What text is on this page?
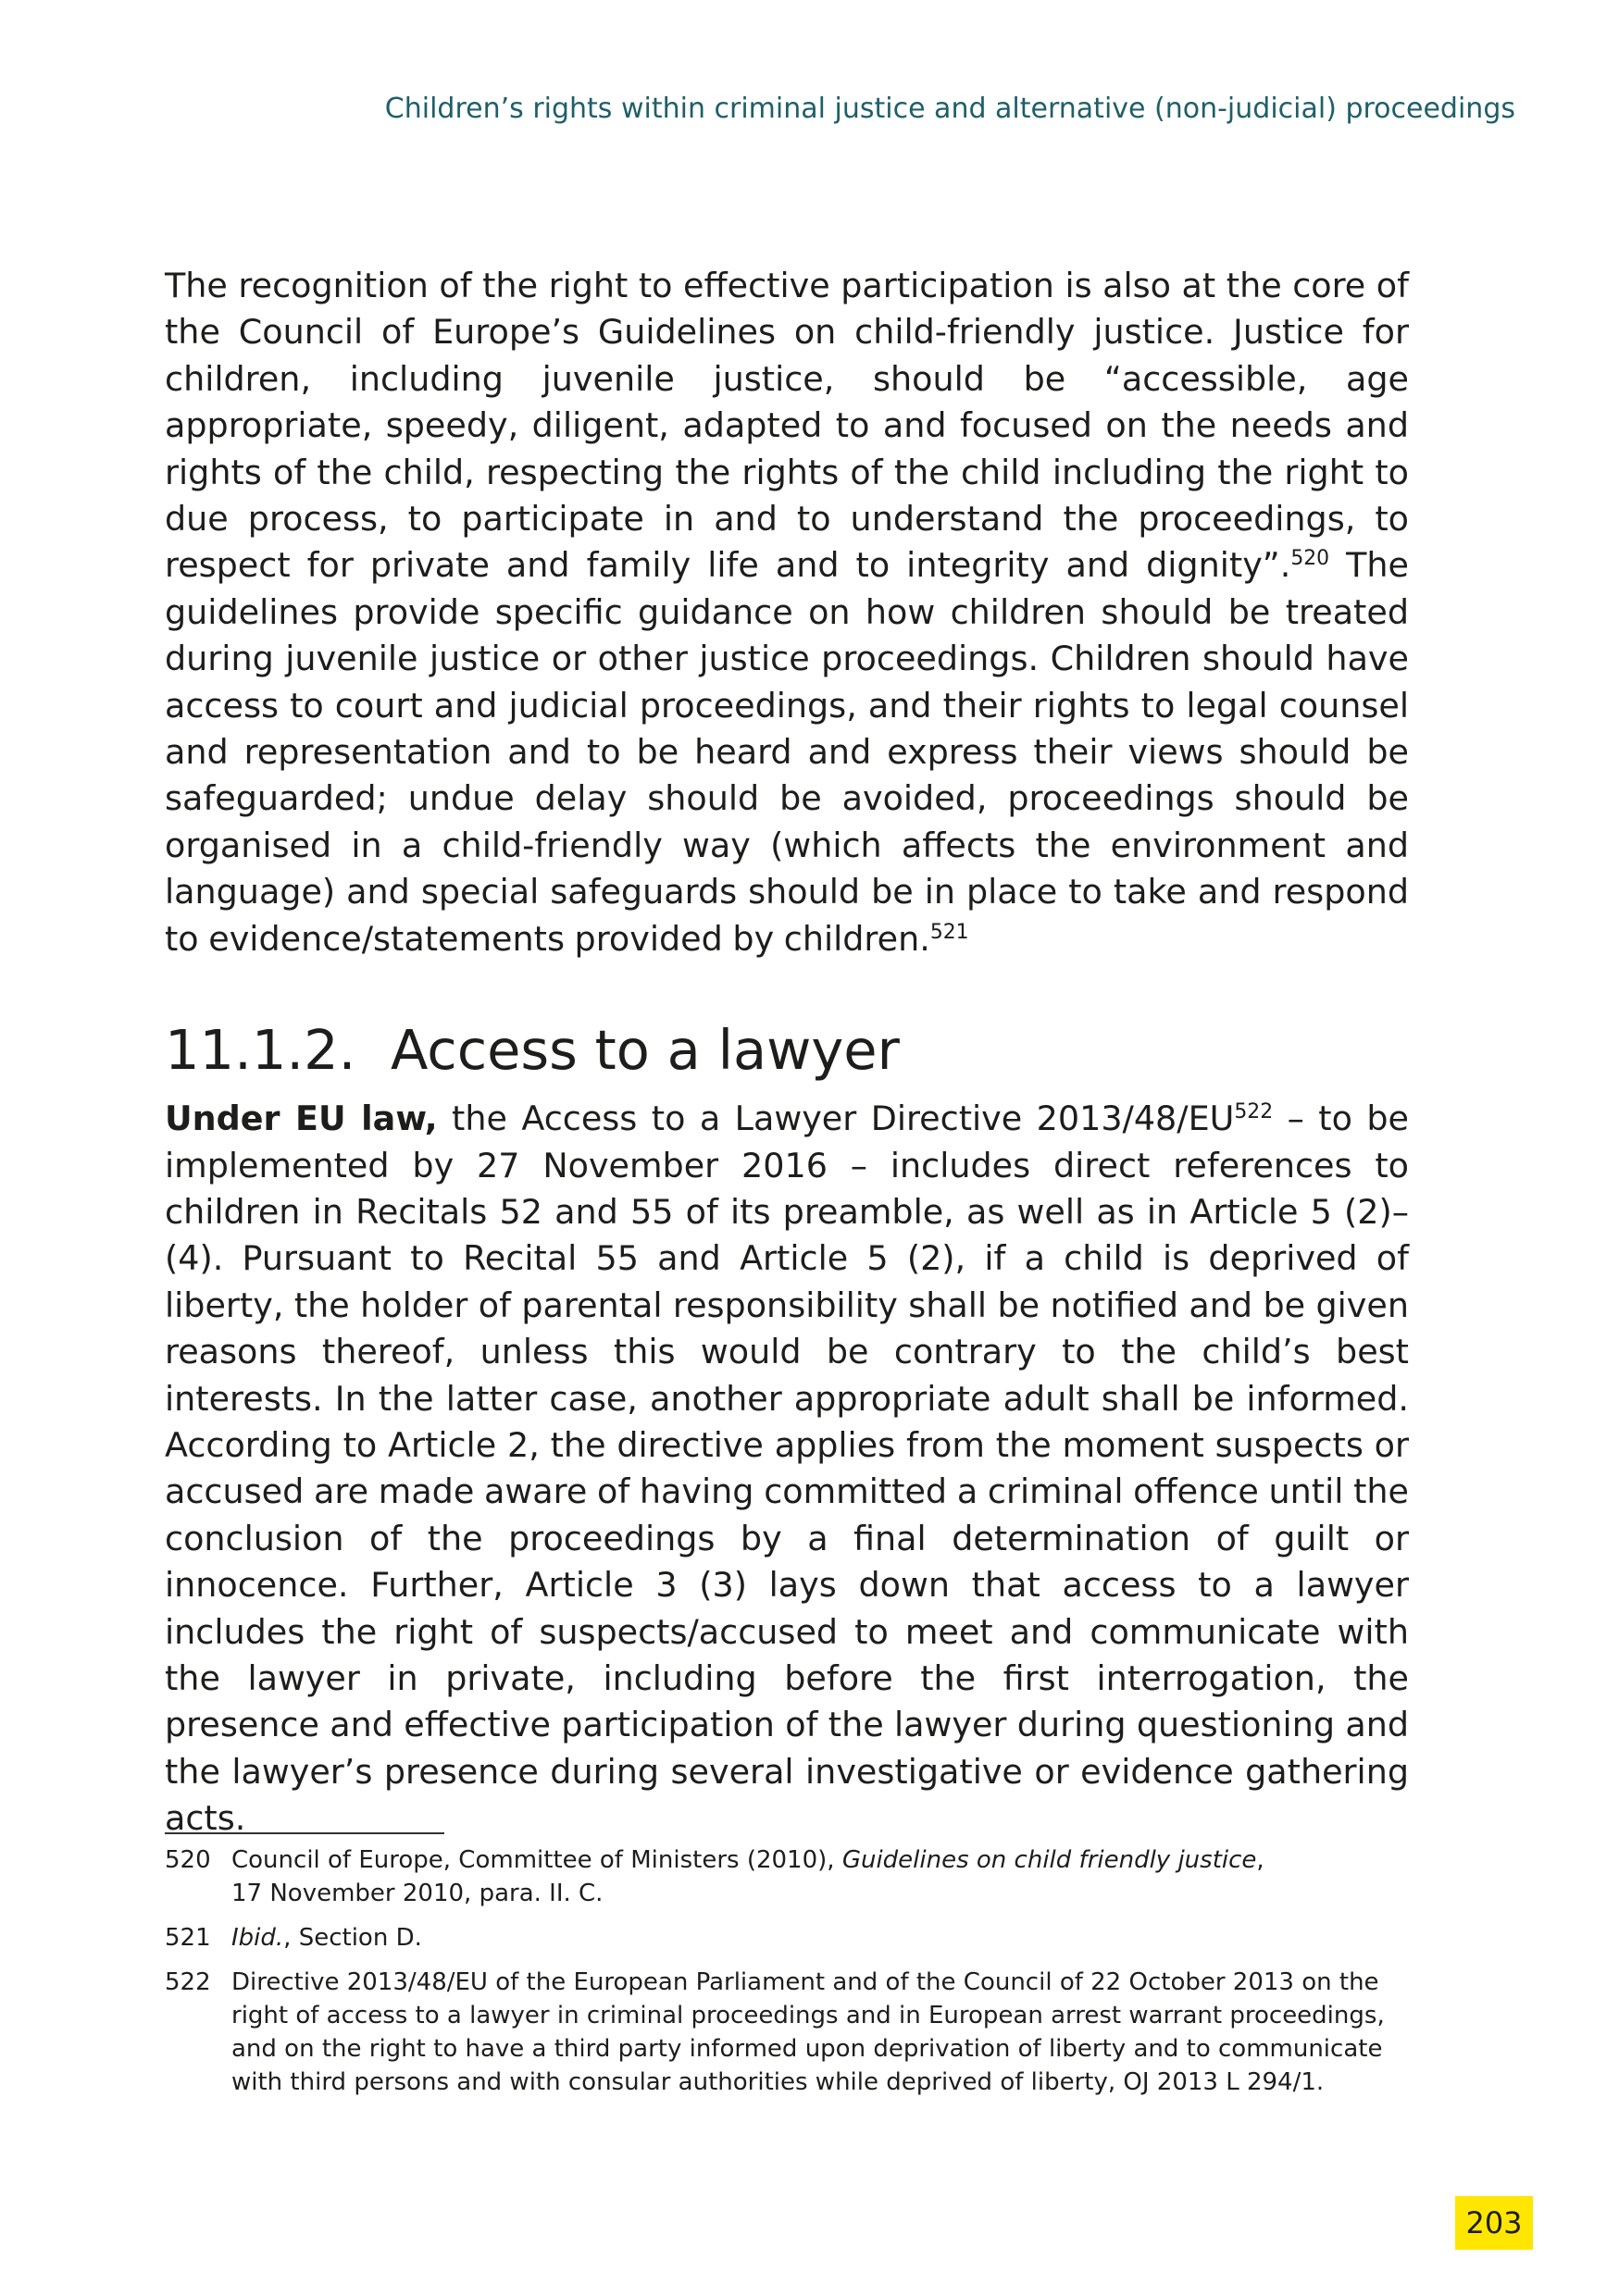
Children’s rights within criminal justice and alternative (non-judicial) proceedings

The recognition of the right to effective participation is also at the core of the Council of Europe’s Guidelines on child-friendly justice. Justice for children, including juvenile justice, should be “accessible, age appropriate, speedy, diligent, adapted to and focused on the needs and rights of the child, respecting the rights of the child including the right to due process, to participate in and to understand the proceedings, to respect for private and family life and to integrity and dignity”.$^{520}$ The guidelines provide specific guidance on how children should be treated during juvenile justice or other justice proceedings. Children should have access to court and judicial proceedings, and their rights to legal counsel and representation and to be heard and express their views should be safeguarded; undue delay should be avoided, proceedings should be organised in a child-friendly way (which affects the environment and language) and special safeguards should be in place to take and respond to evidence/statements provided by children.$^{521}$

11.1.2. Access to a lawyer

Under EU law, the Access to a Lawyer Directive 2013/48/EU$^{522}$ – to be implemented by 27 November 2016 – includes direct references to children in Recitals 52 and 55 of its preamble, as well as in Article 5 (2)–(4). Pursuant to Recital 55 and Article 5 (2), if a child is deprived of liberty, the holder of parental responsibility shall be notified and be given reasons thereof, unless this would be contrary to the child’s best interests. In the latter case, another appropriate adult shall be informed. According to Article 2, the directive applies from the moment suspects or accused are made aware of having committed a criminal offence until the conclusion of the proceedings by a final determination of guilt or innocence. Further, Article 3 (3) lays down that access to a lawyer includes the right of suspects/accused to meet and communicate with the lawyer in private, including before the first interrogation, the presence and effective participation of the lawyer during questioning and the lawyer’s presence during several investigative or evidence gathering acts.

520 Council of Europe, Committee of Ministers (2010), Guidelines on child friendly justice,
17 November 2010, para. II. C.
521 Ibid., Section D.
522 Directive 2013/48/EU of the European Parliament and of the Council of 22 October 2013 on the
right of access to a lawyer in criminal proceedings and in European arrest warrant proceedings,
and on the right to have a third party informed upon deprivation of liberty and to communicate
with third persons and with consular authorities while deprived of liberty, OJ 2013 L 294/1.
203
